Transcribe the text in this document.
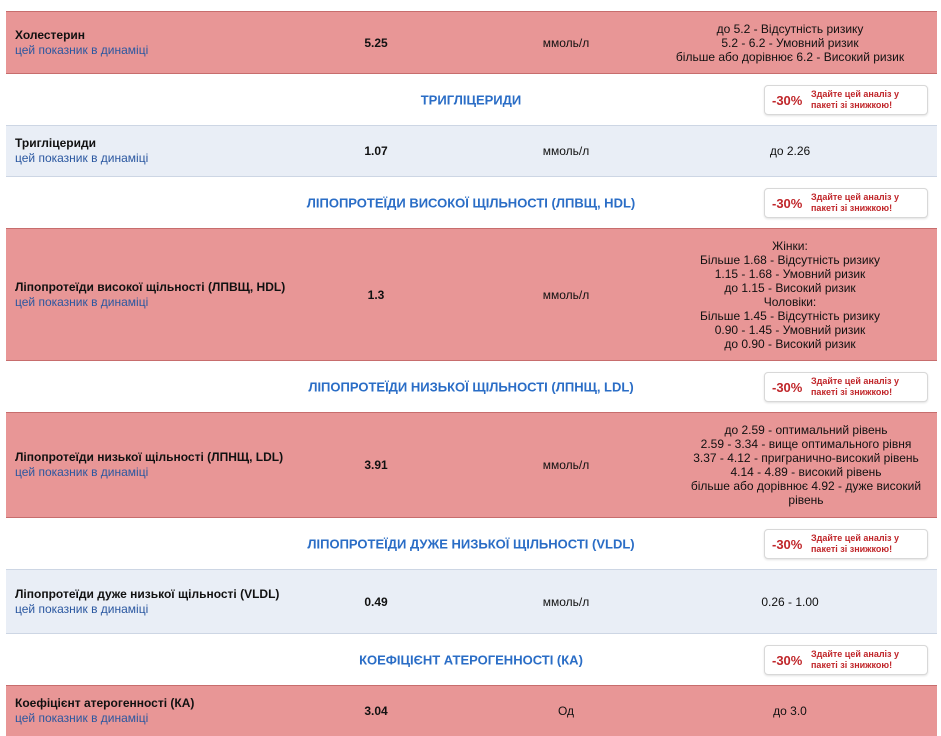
Холестерин
цей показник в динаміці	5.25	ммоль/л
до 5.2 - Відсутність ризику
5.2 - 6.2 - Умовний ризик
більше або дорівнює 6.2 - Високий ризик
ТРИГЛІЦЕРИДИ	-30% Здайте цей аналіз у пакеті зі знижкою!
Тригліцериди
цей показник в динаміці	1.07	ммоль/л	до 2.26
ЛІПОПРОТЕЇДИ ВИСОКОЇ ЩІЛЬНОСТІ (ЛПВЩ, HDL)	-30% Здайте цей аналіз у пакеті зі знижкою!
Ліпопротеїди високої щільності (ЛПВЩ, HDL)
цей показник в динаміці	1.3	ммоль/л
Жінки:
Більше 1.68 - Відсутність ризику
1.15 - 1.68 - Умовний ризик
до 1.15 - Високий ризик
Чоловіки:
Більше 1.45 - Відсутність ризику
0.90 - 1.45 - Умовний ризик
до 0.90 - Високий ризик
ЛІПОПРОТЕЇДИ НИЗЬКОЇ ЩІЛЬНОСТІ (ЛПНЩ, LDL)	-30% Здайте цей аналіз у пакеті зі знижкою!
Ліпопротеїди низької щільності (ЛПНЩ, LDL)
цей показник в динаміці	3.91	ммоль/л
до 2.59 - оптимальний рівень
2.59 - 3.34 - вище оптимального рівня
3.37 - 4.12 - пригранично-високий рівень
4.14 - 4.89 - високий рівень
більше або дорівнює 4.92 - дуже високий рівень
ЛІПОПРОТЕЇДИ ДУЖЕ НИЗЬКОЇ ЩІЛЬНОСТІ (VLDL)	-30% Здайте цей аналіз у пакеті зі знижкою!
Ліпопротеїди дуже низької щільності (VLDL)
цей показник в динаміці	0.49	ммоль/л	0.26 - 1.00
КОЕФІЦІЄНТ АТЕРОГЕННОСТІ (КА)	-30% Здайте цей аналіз у пакеті зі знижкою!
Коефіцієнт атерогенності (КА)
цей показник в динаміці	3.04	Од	до 3.0
